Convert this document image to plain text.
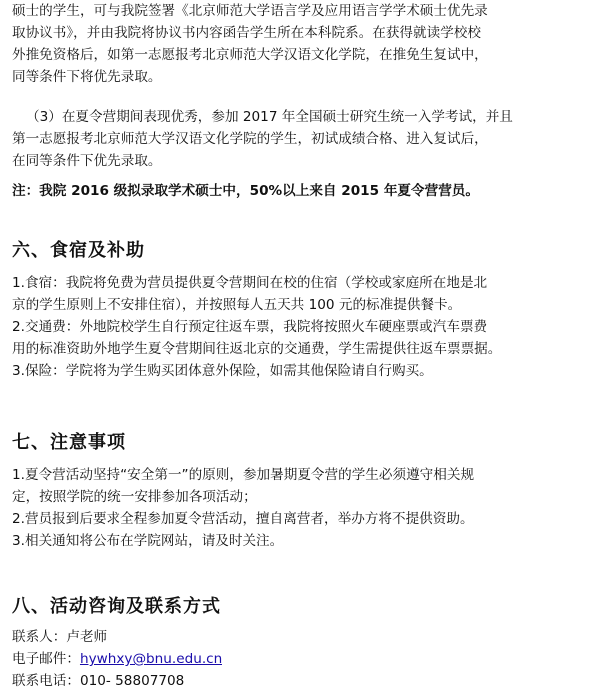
硕士的学生，可与我院签署《北京师范大学语言学及应用语言学学术硕士优先录
取协议书》，并由我院将协议书内容函告学生所在本科院系。在获得就读学校校
外推免资格后，如第一志愿报考北京师范大学汉语文化学院，在推免生复试中，
同等条件下将优先录取。
（3）在夏令营期间表现优秀，参加 2017 年全国硕士研究生统一入学考试，并且
第一志愿报考北京师范大学汉语文化学院的学生，初试成绩合格、进入复试后，
在同等条件下优先录取。
注：我院 2016 级拟录取学术硕士中，50%以上来自 2015 年夏令营营员。
六、食宿及补助
1.食宿：我院将免费为营员提供夏令营期间在校的住宿（学校或家庭所在地是北
京的学生原则上不安排住宿），并按照每人五天共 100 元的标准提供餐卡。
2.交通费：外地院校学生自行预定往返车票，我院将按照火车硬座票或汽车票费
用的标准资助外地学生夏令营期间往返北京的交通费，学生需提供往返车票票据。
3.保险：学院将为学生购买团体意外保险，如需其他保险请自行购买。
七、注意事项
1.夏令营活动坚持“安全第一”的原则，参加暑期夏令营的学生必须遵守相关规
定，按照学院的统一安排参加各项活动；
2.营员报到后要求全程参加夏令营活动，擅自离营者，举办方将不提供资助。
3.相关通知将公布在学院网站，请及时关注。
八、活动咨询及联系方式
联系人：卢老师
电子邮件：hywhxy@bnu.edu.cn
联系电话：010- 58807708
